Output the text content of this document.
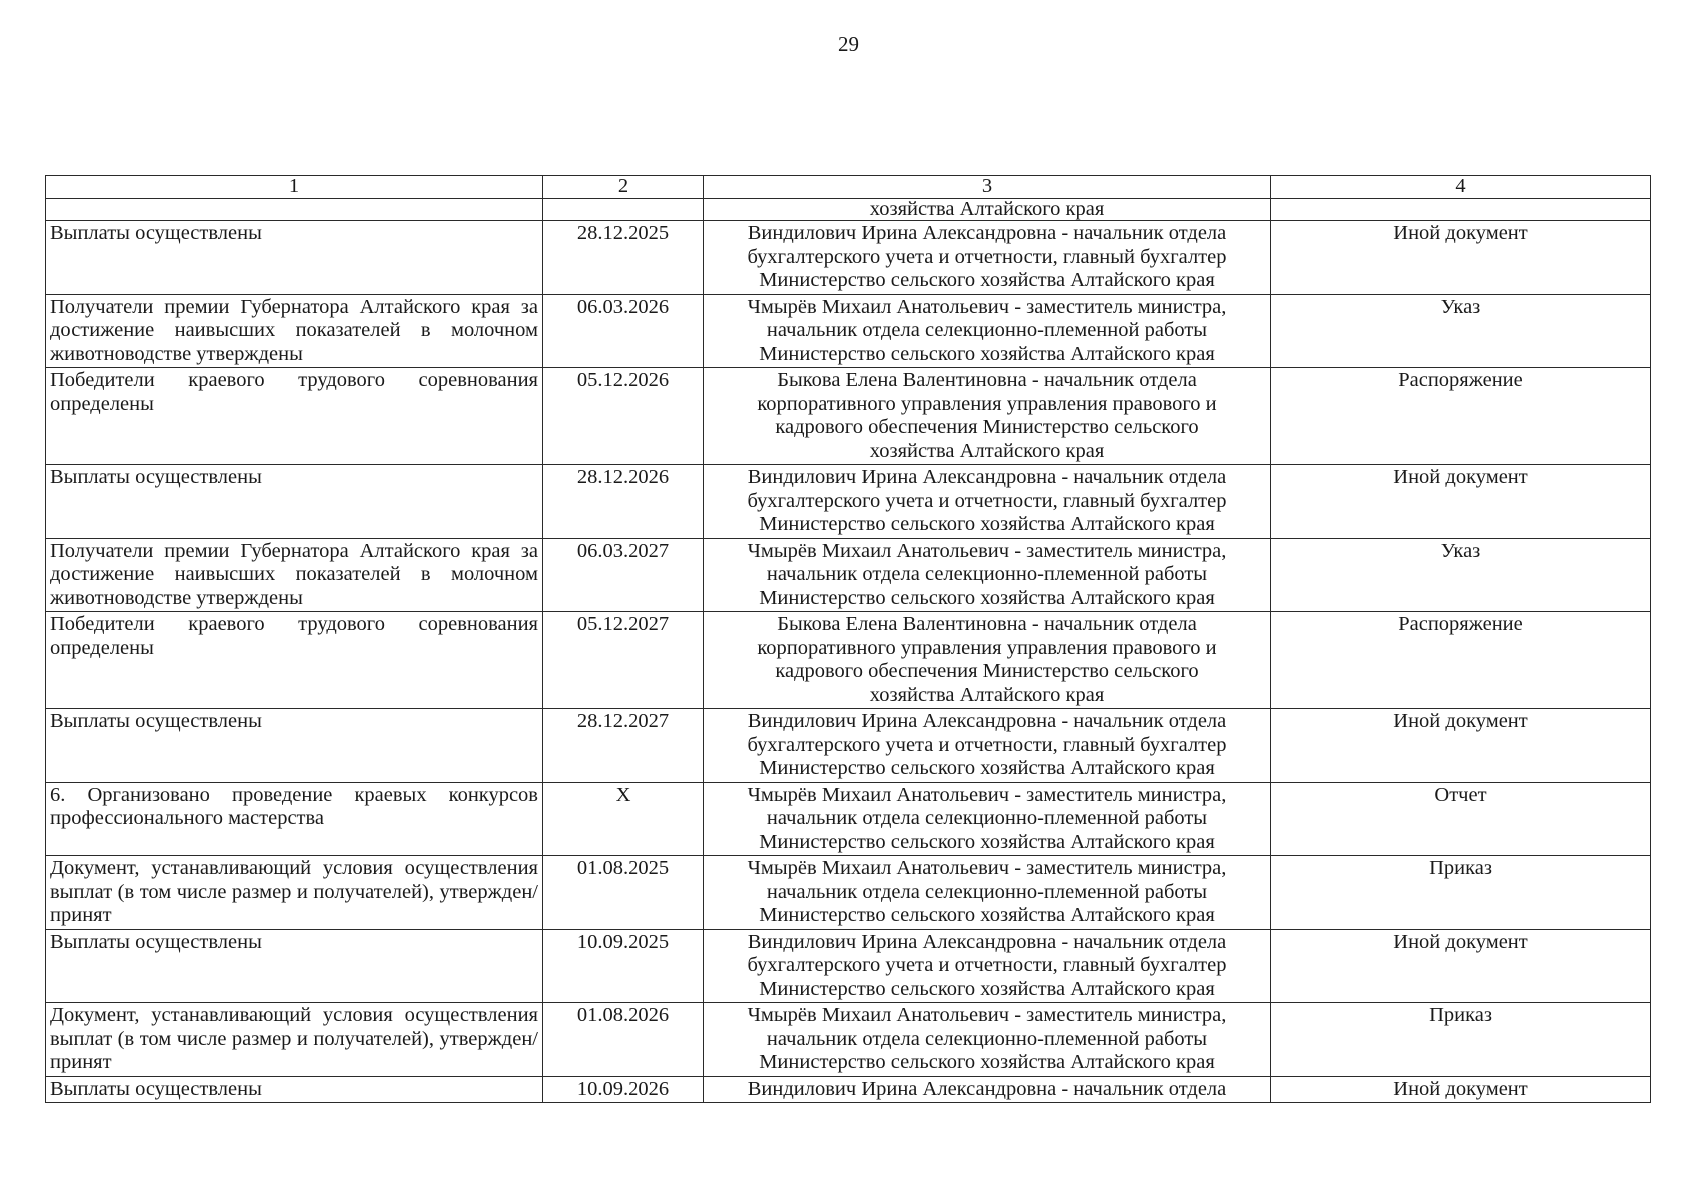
29
1	2	3	4

		хозяйства Алтайского края	

Выплаты осуществлены	28.12.2025	Виндилович Ирина Александровна - начальник отдела
бухгалтерского учета и отчетности, главный бухгалтер
Министерство сельского хозяйства Алтайского края	Иной документ
Получатели премии Губернатора Алтайского края за достижение наивысших показателей в молочном животноводстве утверждены	06.03.2026	Чмырёв Михаил Анатольевич - заместитель министра,
начальник отдела селекционно-племенной работы
Министерство сельского хозяйства Алтайского края	Указ
Победители краевого трудового соревнования определены	05.12.2026	Быкова Елена Валентиновна - начальник отдела
корпоративного управления управления правового и
кадрового обеспечения Министерство сельского
хозяйства Алтайского края	Распоряжение
Выплаты осуществлены	28.12.2026	Виндилович Ирина Александровна - начальник отдела
бухгалтерского учета и отчетности, главный бухгалтер
Министерство сельского хозяйства Алтайского края	Иной документ
Получатели премии Губернатора Алтайского края за достижение наивысших показателей в молочном животноводстве утверждены	06.03.2027	Чмырёв Михаил Анатольевич - заместитель министра,
начальник отдела селекционно-племенной работы
Министерство сельского хозяйства Алтайского края	Указ
Победители краевого трудового соревнования определены	05.12.2027	Быкова Елена Валентиновна - начальник отдела
корпоративного управления управления правового и
кадрового обеспечения Министерство сельского
хозяйства Алтайского края	Распоряжение
Выплаты осуществлены	28.12.2027	Виндилович Ирина Александровна - начальник отдела
бухгалтерского учета и отчетности, главный бухгалтер
Министерство сельского хозяйства Алтайского края	Иной документ
6. Организовано проведение краевых конкурсов профессионального мастерства	X	Чмырёв Михаил Анатольевич - заместитель министра,
начальник отдела селекционно-племенной работы
Министерство сельского хозяйства Алтайского края	Отчет
Документ, устанавливающий условия осуществления выплат (в том числе размер и получателей), утвержден/принят	01.08.2025	Чмырёв Михаил Анатольевич - заместитель министра,
начальник отдела селекционно-племенной работы
Министерство сельского хозяйства Алтайского края	Приказ
Выплаты осуществлены	10.09.2025	Виндилович Ирина Александровна - начальник отдела
бухгалтерского учета и отчетности, главный бухгалтер
Министерство сельского хозяйства Алтайского края	Иной документ
Документ, устанавливающий условия осуществления выплат (в том числе размер и получателей), утвержден/принят	01.08.2026	Чмырёв Михаил Анатольевич - заместитель министра,
начальник отдела селекционно-племенной работы
Министерство сельского хозяйства Алтайского края	Приказ
Выплаты осуществлены	10.09.2026	Виндилович Ирина Александровна - начальник отдела	Иной документ
